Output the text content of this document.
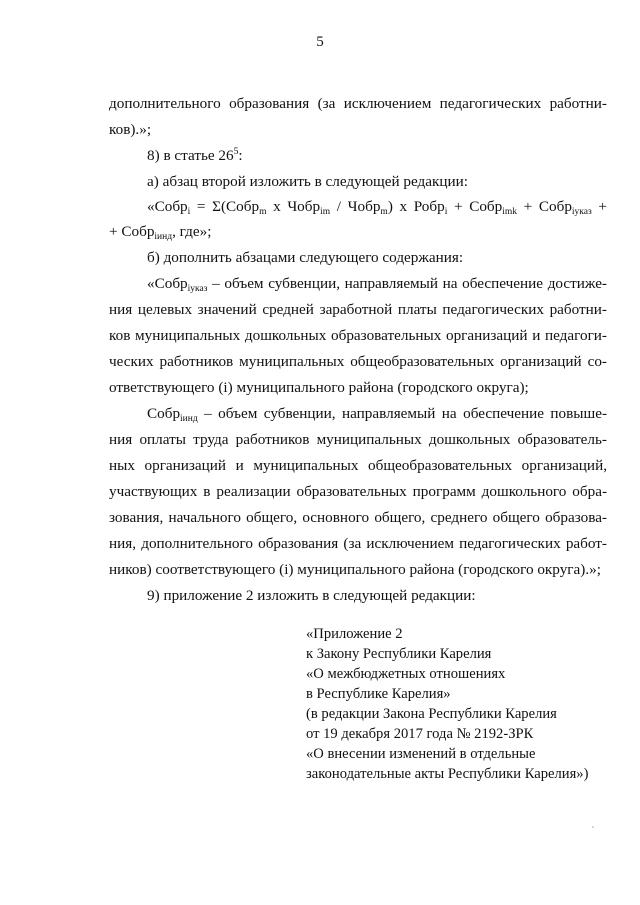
5
дополнительного образования (за исключением педагогических работни-
ков).»;
8) в статье $26^5$:
а) абзац второй изложить в следующей редакции:
«Собр$_i$ = Σ(Собр$_m$ x Чобр$_{im}$ / Чобр$_m$) x Робр$_i$ + Собр$_{imk}$ + Собр$_{iуказ}$ +
+ Собр$_{iинд}$, где»;
б) дополнить абзацами следующего содержания:
«Собр$_{iуказ}$ – объем субвенции, направляемый на обеспечение достиже-
ния целевых значений средней заработной платы педагогических работни-
ков муниципальных дошкольных образовательных организаций и педагоги-
ческих работников муниципальных общеобразовательных организаций со-
ответствующего (i) муниципального района (городского округа);
Собр$_{iинд}$ – объем субвенции, направляемый на обеспечение повыше-
ния оплаты труда работников муниципальных дошкольных образователь-
ных организаций и муниципальных общеобразовательных организаций,
участвующих в реализации образовательных программ дошкольного обра-
зования, начального общего, основного общего, среднего общего образова-
ния, дополнительного образования (за исключением педагогических работ-
ников) соответствующего (i) муниципального района (городского округа).»;
9) приложение 2 изложить в следующей редакции:
«Приложение 2
к Закону Республики Карелия
«О межбюджетных отношениях
в Республике Карелия»
(в редакции Закона Республики Карелия
от 19 декабря 2017 года № 2192-ЗРК
«О внесении изменений в отдельные
законодательные акты Республики Карелия»)
